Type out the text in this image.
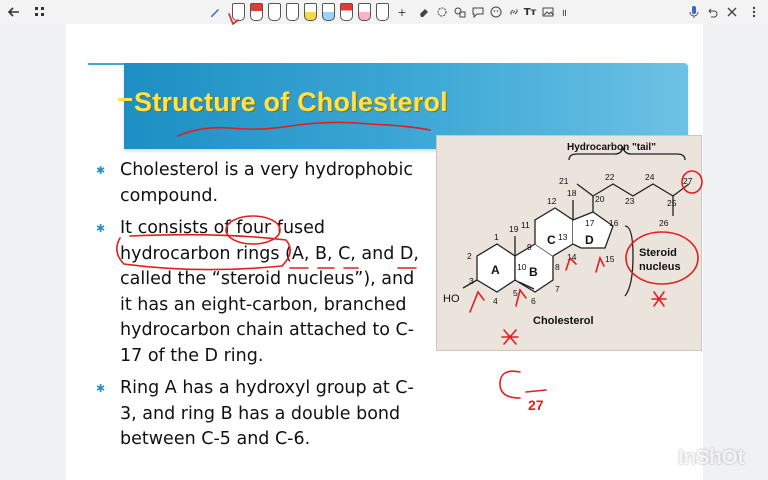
+	Tт	॥
Structure of Cholesterol
✱ Cholesterol is a very hydrophobic compound.
✱ It consists of four fused hydrocarbon rings (A, B, C, and D, called the “steroid nucleus”), and it has an eight-carbon, branched hydrocarbon chain attached to C-17 of the D ring.
✱ Ring A has a hydroxyl group at C-3, and ring B has a double bond between C-5 and C-6.
Hydrocarbon "tail"
1
2
3
4
5
6
7
8
9
10
11
12
13
14	15
16
17
18
19
20
21	22
23
24
25
26
27
HO
A B
C D
Steroid
nucleus
Cholesterol
27
InShOt
